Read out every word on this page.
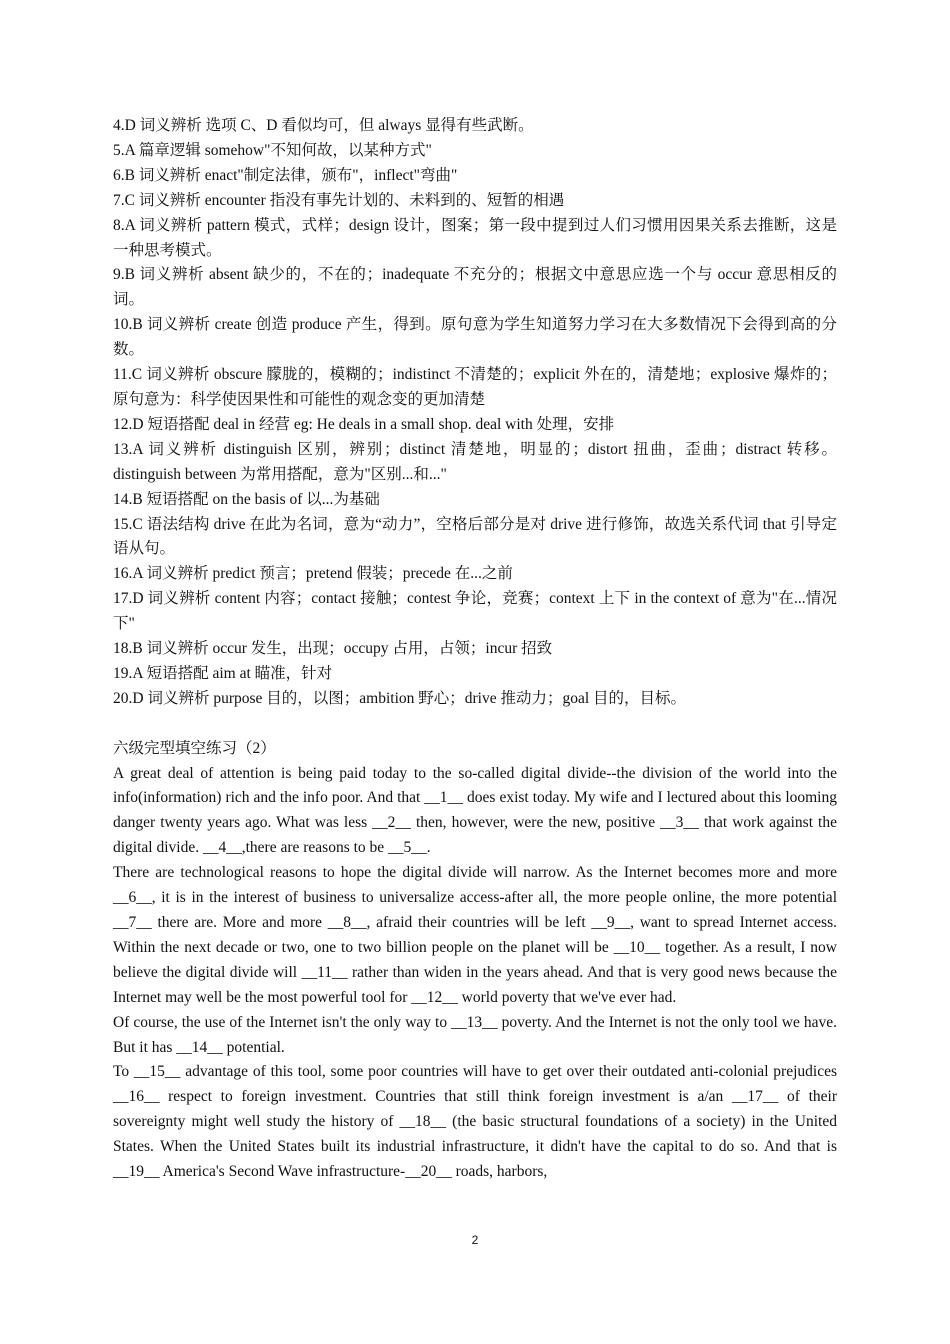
4.D 词义辨析 选项 C、D 看似均可，但 always 显得有些武断。

5.A 篇章逻辑 somehow"不知何故，以某种方式"

6.B 词义辨析 enact"制定法律，颁布"，inflect"弯曲"

7.C 词义辨析 encounter 指没有事先计划的、未料到的、短暂的相遇

8.A 词义辨析 pattern 模式，式样；design 设计，图案；第一段中提到过人们习惯用因果关系去推断，这是一种思考模式。

9.B 词义辨析 absent 缺少的，不在的；inadequate 不充分的；根据文中意思应选一个与 occur 意思相反的词。

10.B 词义辨析 create 创造 produce 产生，得到。原句意为学生知道努力学习在大多数情况下会得到高的分数。

11.C 词义辨析 obscure 朦胧的，模糊的；indistinct 不清楚的；explicit 外在的，清楚地；explosive 爆炸的；原句意为：科学使因果性和可能性的观念变的更加清楚

12.D 短语搭配 deal in 经营 eg: He deals in a small shop. deal with 处理，安排

13.A 词义辨析 distinguish 区别，辨别；distinct 清楚地，明显的；distort 扭曲，歪曲；distract 转移。distinguish between 为常用搭配，意为"区别...和..."

14.B 短语搭配 on the basis of 以...为基础

15.C 语法结构 drive 在此为名词，意为“动力”，空格后部分是对 drive 进行修饰，故选关系代词 that 引导定语从句。

16.A 词义辨析 predict 预言；pretend 假装；precede 在...之前

17.D 词义辨析 content 内容；contact 接触；contest 争论，竞赛；context 上下 in the context of 意为"在...情况下"

18.B 词义辨析 occur 发生，出现；occupy 占用，占领；incur 招致

19.A 短语搭配 aim at 瞄准，针对

20.D 词义辨析 purpose 目的，以图；ambition 野心；drive 推动力；goal 目的，目标。

六级完型填空练习（2）

A great deal of attention is being paid today to the so-called digital divide--the division of the world into the info(information) rich and the info poor. And that __1__ does exist today. My wife and I lectured about this looming danger twenty years ago. What was less __2__ then, however, were the new, positive __3__ that work against the digital divide. __4__,there are reasons to be __5__.

There are technological reasons to hope the digital divide will narrow. As the Internet becomes more and more __6__, it is in the interest of business to universalize access-after all, the more people online, the more potential __7__ there are. More and more __8__, afraid their countries will be left __9__, want to spread Internet access. Within the next decade or two, one to two billion people on the planet will be __10__ together. As a result, I now believe the digital divide will __11__ rather than widen in the years ahead. And that is very good news because the Internet may well be the most powerful tool for __12__ world poverty that we've ever had.

Of course, the use of the Internet isn't the only way to __13__ poverty. And the Internet is not the only tool we have. But it has __14__ potential.

To __15__ advantage of this tool, some poor countries will have to get over their outdated anti-colonial prejudices __16__ respect to foreign investment. Countries that still think foreign investment is a/an __17__ of their sovereignty might well study the history of __18__ (the basic structural foundations of a society) in the United States. When the United States built its industrial infrastructure, it didn't have the capital to do so. And that is __19__ America's Second Wave infrastructure-__20__ roads, harbors,

2
